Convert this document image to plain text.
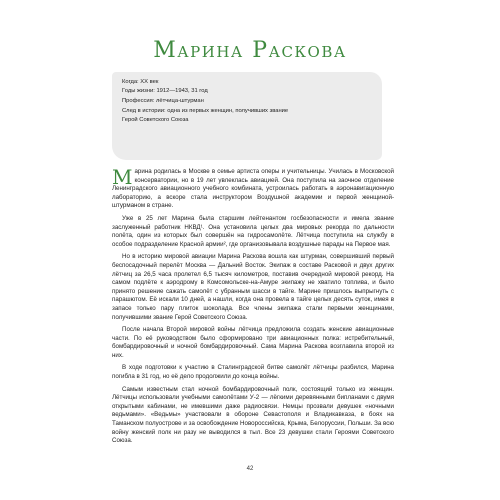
Марина Раскова

Когда: XX век

Годы жизни: 1912—1943, 31 год

Профессия: лётчица-штурман

След в истории: одна из первых женщин, получивших звание

Герой Советского Союза

Марина родилась в Москве в семье артиста оперы и учительницы. Училась в Московской консерватории, но в 19 лет увлеклась авиацией. Она поступила на заочное отделение Ленинградского авиационного учебного комбината, устроилась работать в аэронавигационную лабораторию, а вскоре стала инструктором Воздушной академии и первой женщиной-штурманом в стране.

Уже в 25 лет Марина была старшим лейтенантом госбезопасности и имела звание заслуженный работник НКВД¹. Она установила целых два мировых рекорда по дальности полёта, один из которых был совершён на гидросамолёте. Лётчица поступила на службу в особое подразделение Красной армии², где организовывала воздушные парады на Первое мая.

Но в историю мировой авиации Марина Раскова вошла как штурман, совершивший первый беспосадочный перелёт Москва — Дальний Восток. Экипаж в составе Расковой и двух других лётчиц за 26,5 часа пролетел 6,5 тысяч километров, поставив очередной мировой рекорд. На самом подлёте к аэродрому в Комсомольске-на-Амуре экипажу не хватило топлива, и было принято решение сажать самолёт с убранным шасси в тайге. Марине пришлось выпрыгнуть с парашютом. Её искали 10 дней, а нашли, когда она провела в тайге целых десять суток, имея в запасе только пару плиток шоколада. Все члены экипажа стали первыми женщинами, получившими звание Герой Советского Союза.

После начала Второй мировой войны лётчица предложила создать женские авиационные части. По её руководством было сформировано три авиационных полка: истребительный, бомбардировочный и ночной бомбардировочный. Сама Марина Раскова возглавила второй из них.

В ходе подготовки к участию в Сталинградской битве самолёт лётчицы разбился, Марина погибла в 31 год, но её дело продолжили до конца войны.

Самым известным стал ночной бомбардировочный полк, состоящий только из женщин. Лётчицы использовали учебными самолётами У-2 — лёгкими деревянными бипланами с двумя открытыми кабинами, не имевшими даже радиосвязи. Немцы прозвали девушек «ночными ведьмами». «Ведьмы» участвовали в обороне Севастополя и Владикавказа, в боях на Таманском полуострове и за освобождение Новороссийска, Крыма, Белоруссии, Польши. За всю войну женский полк ни разу не выводился в тыл. Все 23 девушки стали Героями Советского Союза.

42
